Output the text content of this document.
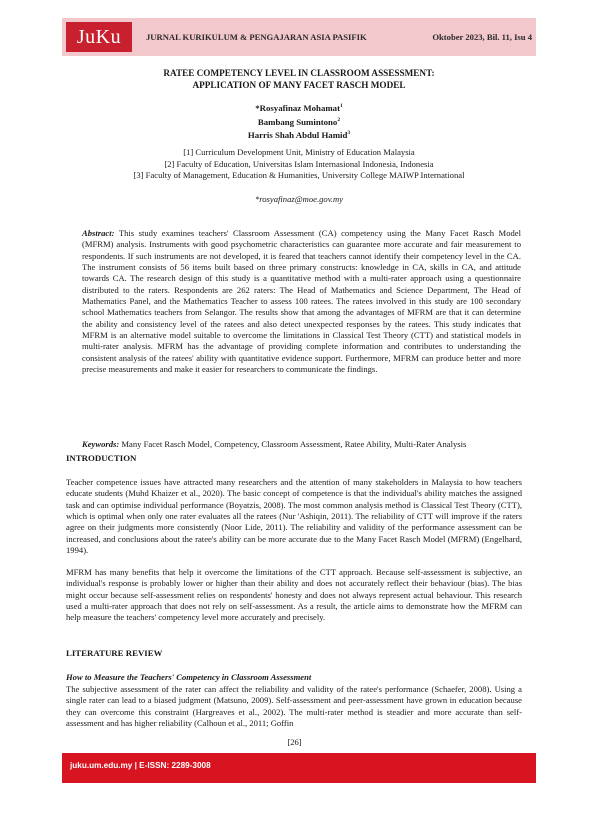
JuKu	JURNAL KURIKULUM & PENGAJARAN ASIA PASIFIK	Oktober 2023, Bil. 11, Isu 4
RATEE COMPETENCY LEVEL IN CLASSROOM ASSESSMENT:
APPLICATION OF MANY FACET RASCH MODEL
*Rosyafinaz Mohamat$^1$
Bambang Sumintono$^2$
Harris Shah Abdul Hamid$^3$
[1] Curriculum Development Unit, Ministry of Education Malaysia
[2] Faculty of Education, Universitas Islam Internasional Indonesia, Indonesia
[3] Faculty of Management, Education & Humanities, University College MAIWP International
*rosyafinaz@moe.gov.my
Abstract: This study examines teachers' Classroom Assessment (CA) competency using the Many Facet Rasch Model (MFRM) analysis. Instruments with good psychometric characteristics can guarantee more accurate and fair measurement to respondents. If such instruments are not developed, it is feared that teachers cannot identify their competency level in the CA. The instrument consists of 56 items built based on three primary constructs: knowledge in CA, skills in CA, and attitude towards CA. The research design of this study is a quantitative method with a multi-rater approach using a questionnaire distributed to the raters. Respondents are 262 raters: The Head of Mathematics and Science Department, The Head of Mathematics Panel, and the Mathematics Teacher to assess 100 ratees. The ratees involved in this study are 100 secondary school Mathematics teachers from Selangor. The results show that among the advantages of MFRM are that it can determine the ability and consistency level of the ratees and also detect unexpected responses by the ratees. This study indicates that MFRM is an alternative model suitable to overcome the limitations in Classical Test Theory (CTT) and statistical models in multi-rater analysis. MFRM has the advantage of providing complete information and contributes to understanding the consistent analysis of the ratees' ability with quantitative evidence support. Furthermore, MFRM can produce better and more precise measurements and make it easier for researchers to communicate the findings.
Keywords: Many Facet Rasch Model, Competency, Classroom Assessment, Ratee Ability, Multi-Rater Analysis
INTRODUCTION
Teacher competence issues have attracted many researchers and the attention of many stakeholders in Malaysia to how teachers educate students (Muhd Khaizer et al., 2020). The basic concept of competence is that the individual's ability matches the assigned task and can optimise individual performance (Boyatzis, 2008). The most common analysis method is Classical Test Theory (CTT), which is optimal when only one rater evaluates all the ratees (Nur 'Ashiqin, 2011). The reliability of CTT will improve if the raters agree on their judgments more consistently (Noor Lide, 2011). The reliability and validity of the performance assessment can be increased, and conclusions about the ratee's ability can be more accurate due to the Many Facet Rasch Model (MFRM) (Engelhard, 1994).
MFRM has many benefits that help it overcome the limitations of the CTT approach. Because self-assessment is subjective, an individual's response is probably lower or higher than their ability and does not accurately reflect their behaviour (bias). The bias might occur because self-assessment relies on respondents' honesty and does not always represent actual behaviour. This research used a multi-rater approach that does not rely on self-assessment. As a result, the article aims to demonstrate how the MFRM can help measure the teachers' competency level more accurately and precisely.
LITERATURE REVIEW
How to Measure the Teachers' Competency in Classroom Assessment
The subjective assessment of the rater can affect the reliability and validity of the ratee's performance (Schaefer, 2008). Using a single rater can lead to a biased judgment (Matsuno, 2009). Self-assessment and peer-assessment have grown in education because they can overcome this constraint (Hargreaves et al., 2002). The multi-rater method is steadier and more accurate than self-assessment and has higher reliability (Calhoun et al., 2011; Goffin
[26]
juku.um.edu.my | E-ISSN: 2289-3008
